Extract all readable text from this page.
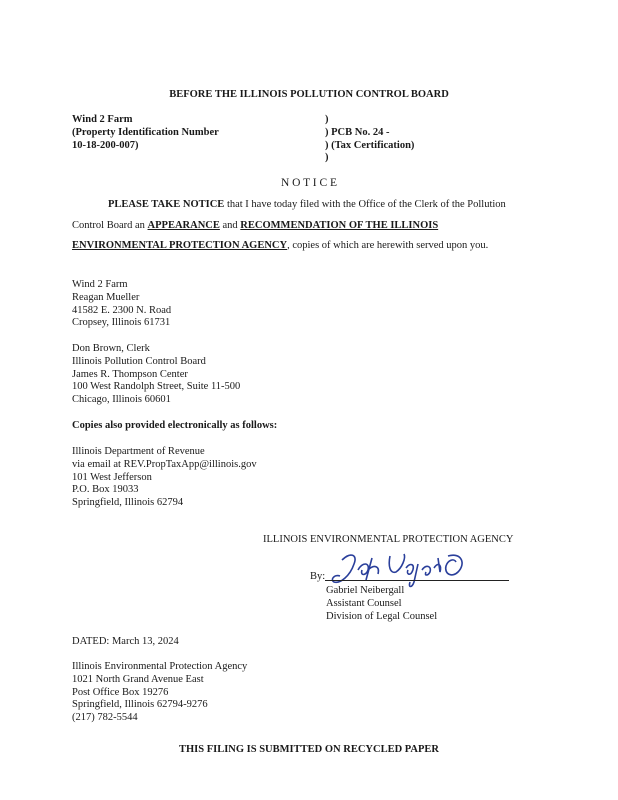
BEFORE THE ILLINOIS POLLUTION CONTROL BOARD
Wind 2 Farm
(Property Identification Number
10-18-200-007)
)
) PCB No. 24 -
) (Tax Certification)
)
N O T I C E
PLEASE TAKE NOTICE that I have today filed with the Office of the Clerk of the Pollution
Control Board an APPEARANCE and RECOMMENDATION OF THE ILLINOIS
ENVIRONMENTAL PROTECTION AGENCY, copies of which are herewith served upon you.
Wind 2 Farm
Reagan Mueller
41582 E. 2300 N. Road
Cropsey, Illinois 61731
Don Brown, Clerk
Illinois Pollution Control Board
James R. Thompson Center
100 West Randolph Street, Suite 11-500
Chicago, Illinois 60601
Copies also provided electronically as follows:
Illinois Department of Revenue
via email at REV.PropTaxApp@illinois.gov
101 West Jefferson
P.O. Box 19033
Springfield, Illinois 62794
ILLINOIS ENVIRONMENTAL PROTECTION AGENCY
By:
Gabriel Neibergall
Assistant Counsel
Division of Legal Counsel
DATED: March 13, 2024
Illinois Environmental Protection Agency
1021 North Grand Avenue East
Post Office Box 19276
Springfield, Illinois 62794-9276
(217) 782-5544
THIS FILING IS SUBMITTED ON RECYCLED PAPER
